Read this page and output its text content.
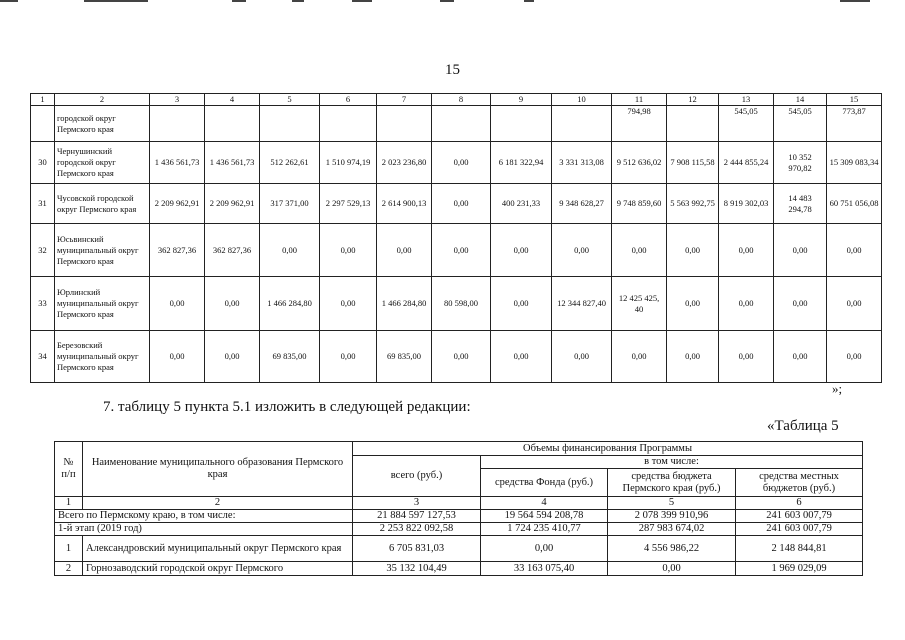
15
1	2	3	4	5	6	7	8	9	10	11	12	13	14	15
	городской округ Пермского края									794,98		545,05	545,05	773,87
30	Чернушинский городской округ Пермского края	1 436 561,73	1 436 561,73	512 262,61	1 510 974,19	2 023 236,80	0,00	6 181 322,94	3 331 313,08	9 512 636,02	7 908 115,58	2 444 855,24	10 352 970,82	15 309 083,34
31	Чусовской городской округ Пермского края	2 209 962,91	2 209 962,91	317 371,00	2 297 529,13	2 614 900,13	0,00	400 231,33	9 348 628,27	9 748 859,60	5 563 992,75	8 919 302,03	14 483 294,78	60 751 056,08
32	Юсьвинский муниципальный округ Пермского края	362 827,36	362 827,36	0,00	0,00	0,00	0,00	0,00	0,00	0,00	0,00	0,00	0,00	0,00
33	Юрлинский муниципальный округ Пермского края	0,00	0,00	1 466 284,80	0,00	1 466 284,80	80 598,00	0,00	12 344 827,40	12 425 425, 40	0,00	0,00	0,00	0,00
34	Березовский муниципальный округ Пермского края	0,00	0,00	69 835,00	0,00	69 835,00	0,00	0,00	0,00	0,00	0,00	0,00	0,00	0,00
»;
7. таблицу 5 пункта 5.1 изложить в следующей редакции:
«Таблица 5
№ п/п	Наименование муниципального образования Пермского края	Объемы финансирования Программы			
		всего (руб.)	в том числе:		
			средства Фонда (руб.)	средства бюджета Пермского края (руб.)	средства местных бюджетов (руб.)
1	2	3	4	5	6
Всего по Пермскому краю, в том числе:		21 884 597 127,53	19 564 594 208,78	2 078 399 910,96	241 603 007,79
1-й этап (2019 год)		2 253 822 092,58	1 724 235 410,77	287 983 674,02	241 603 007,79
1	Александровский муниципальный округ Пермского края	6 705 831,03	0,00	4 556 986,22	2 148 844,81
2	Горнозаводский городской округ Пермского	35 132 104,49	33 163 075,40	0,00	1 969 029,09
